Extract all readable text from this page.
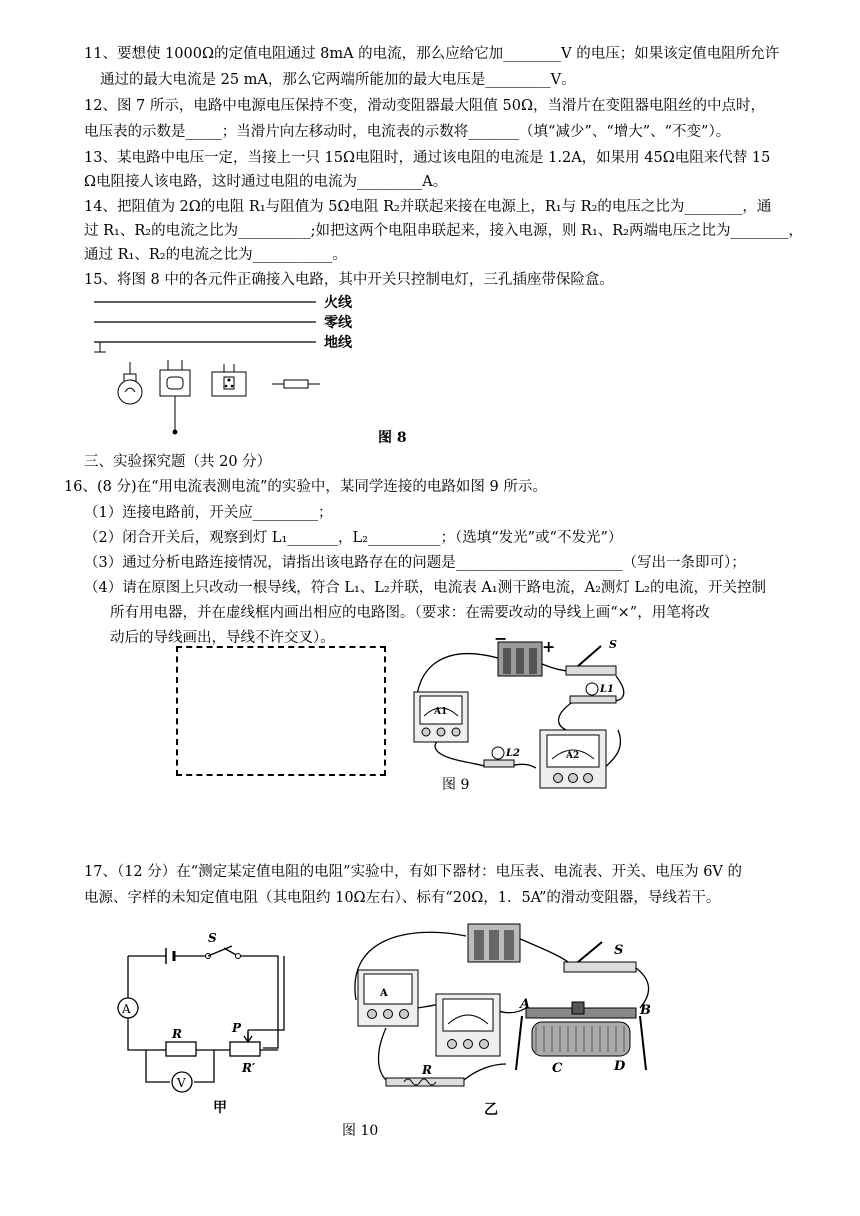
11、要想使 1000Ω的定值电阻通过 8mA 的电流，那么应给它加________V 的电压；如果该定值电阻所允许
通过的最大电流是 25 mA，那么它两端所能加的最大电压是_________V。
12、图 7 所示，电路中电源电压保持不变，滑动变阻器最大阻值 50Ω，当滑片在变阻器电阻丝的中点时，
电压表的示数是_____；当滑片向左移动时，电流表的示数将_______（填“减少”、“增大”、“不变”）。
13、某电路中电压一定，当接上一只 15Ω电阻时，通过该电阻的电流是 1.2A，如果用 45Ω电阻来代替 15
Ω电阻接人该电路，这时通过电阻的电流为_________A。
14、把阻值为 2Ω的电阻 R₁与阻值为 5Ω电阻 R₂并联起来接在电源上，R₁与 R₂的电压之比为________，通
过 R₁、R₂的电流之比为__________;如把这两个电阻串联起来，接入电源，则 R₁、R₂两端电压之比为________，
通过 R₁、R₂的电流之比为___________。
15、将图 8 中的各元件正确接入电路，其中开关只控制电灯，三孔插座带保险盒。
火线
零线
地线
图 8
三、实验探究题（共 20 分）
16、(8 分)在“用电流表测电流”的实验中，某同学连接的电路如图 9 所示。
（1）连接电路前，开关应_________；
（2）闭合开关后，观察到灯 L₁_______，L₂__________；（选填“发光”或“不发光”）
（3）通过分析电路连接情况，请指出该电路存在的问题是_______________________（写出一条即可）；
（4）请在原图上只改动一根导线，符合 L₁、L₂并联，电流表 A₁测干路电流，A₂测灯 L₂的电流，开关控制
所有用电器，并在虚线框内画出相应的电路图。（要求：在需要改动的导线上画“×”，用笔将改
动后的导线画出，导线不许交叉）。	− +	S
L1
A1
L2	A2
图 9
17、（12 分）在“测定某定值电阻的电阻”实验中，有如下器材：电压表、电流表、开关、电压为 6V 的
电源、字样的未知定值电阻（其电阻约 10Ω左右）、标有“20Ω，1．5A”的滑动变阻器，导线若干。
S
A
R	P
R′
V
甲
S
A
R
A	B
C	D
乙
图 10
